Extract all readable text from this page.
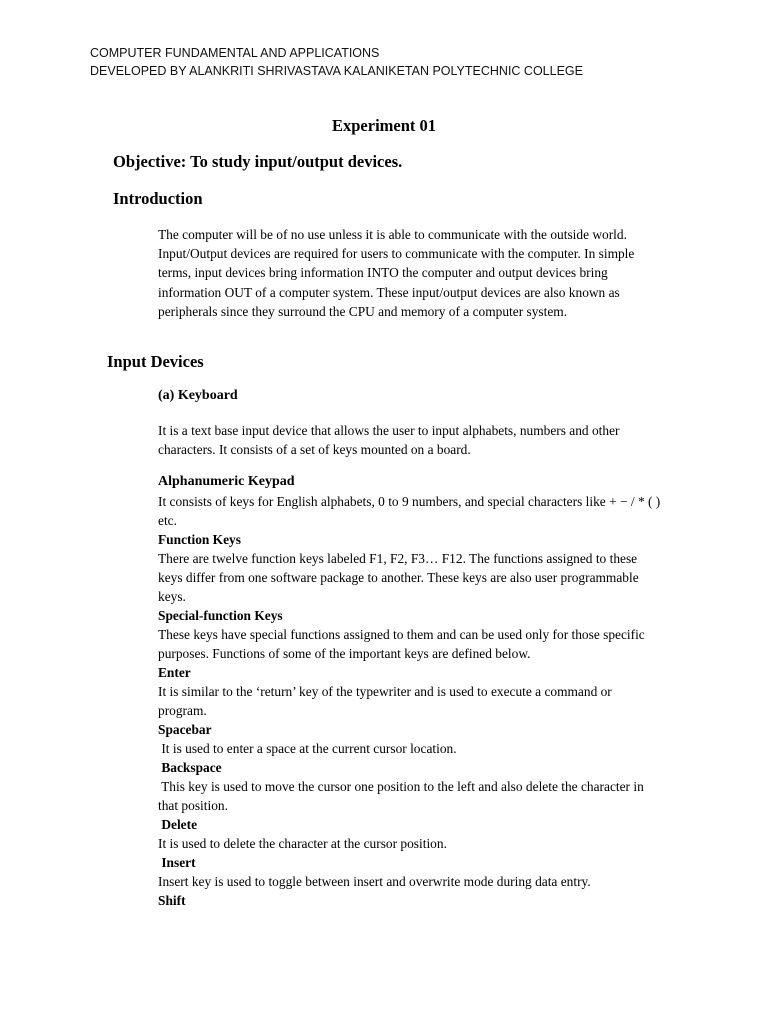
COMPUTER FUNDAMENTAL AND APPLICATIONS
DEVELOPED BY ALANKRITI SHRIVASTAVA KALANIKETAN POLYTECHNIC COLLEGE
Experiment 01
Objective: To study input/output devices.
Introduction
The computer will be of no use unless it is able to communicate with the outside world.
Input/Output devices are required for users to communicate with the computer. In simple
terms, input devices bring information INTO the computer and output devices bring
information OUT of a computer system. These input/output devices are also known as
peripherals since they surround the CPU and memory of a computer system.
Input Devices
(a) Keyboard
It is a text base input device that allows the user to input alphabets, numbers and other
characters. It consists of a set of keys mounted on a board.
Alphanumeric Keypad
It consists of keys for English alphabets, 0 to 9 numbers, and special characters like + − / * ( )
etc.
Function Keys
There are twelve function keys labeled F1, F2, F3… F12. The functions assigned to these
keys differ from one software package to another. These keys are also user programmable
keys.
Special-function Keys
These keys have special functions assigned to them and can be used only for those specific
purposes. Functions of some of the important keys are defined below.
Enter
It is similar to the ‘return’ key of the typewriter and is used to execute a command or
program.
Spacebar
It is used to enter a space at the current cursor location.
Backspace
This key is used to move the cursor one position to the left and also delete the character in
that position.
Delete
It is used to delete the character at the cursor position.
Insert
Insert key is used to toggle between insert and overwrite mode during data entry.
Shift
